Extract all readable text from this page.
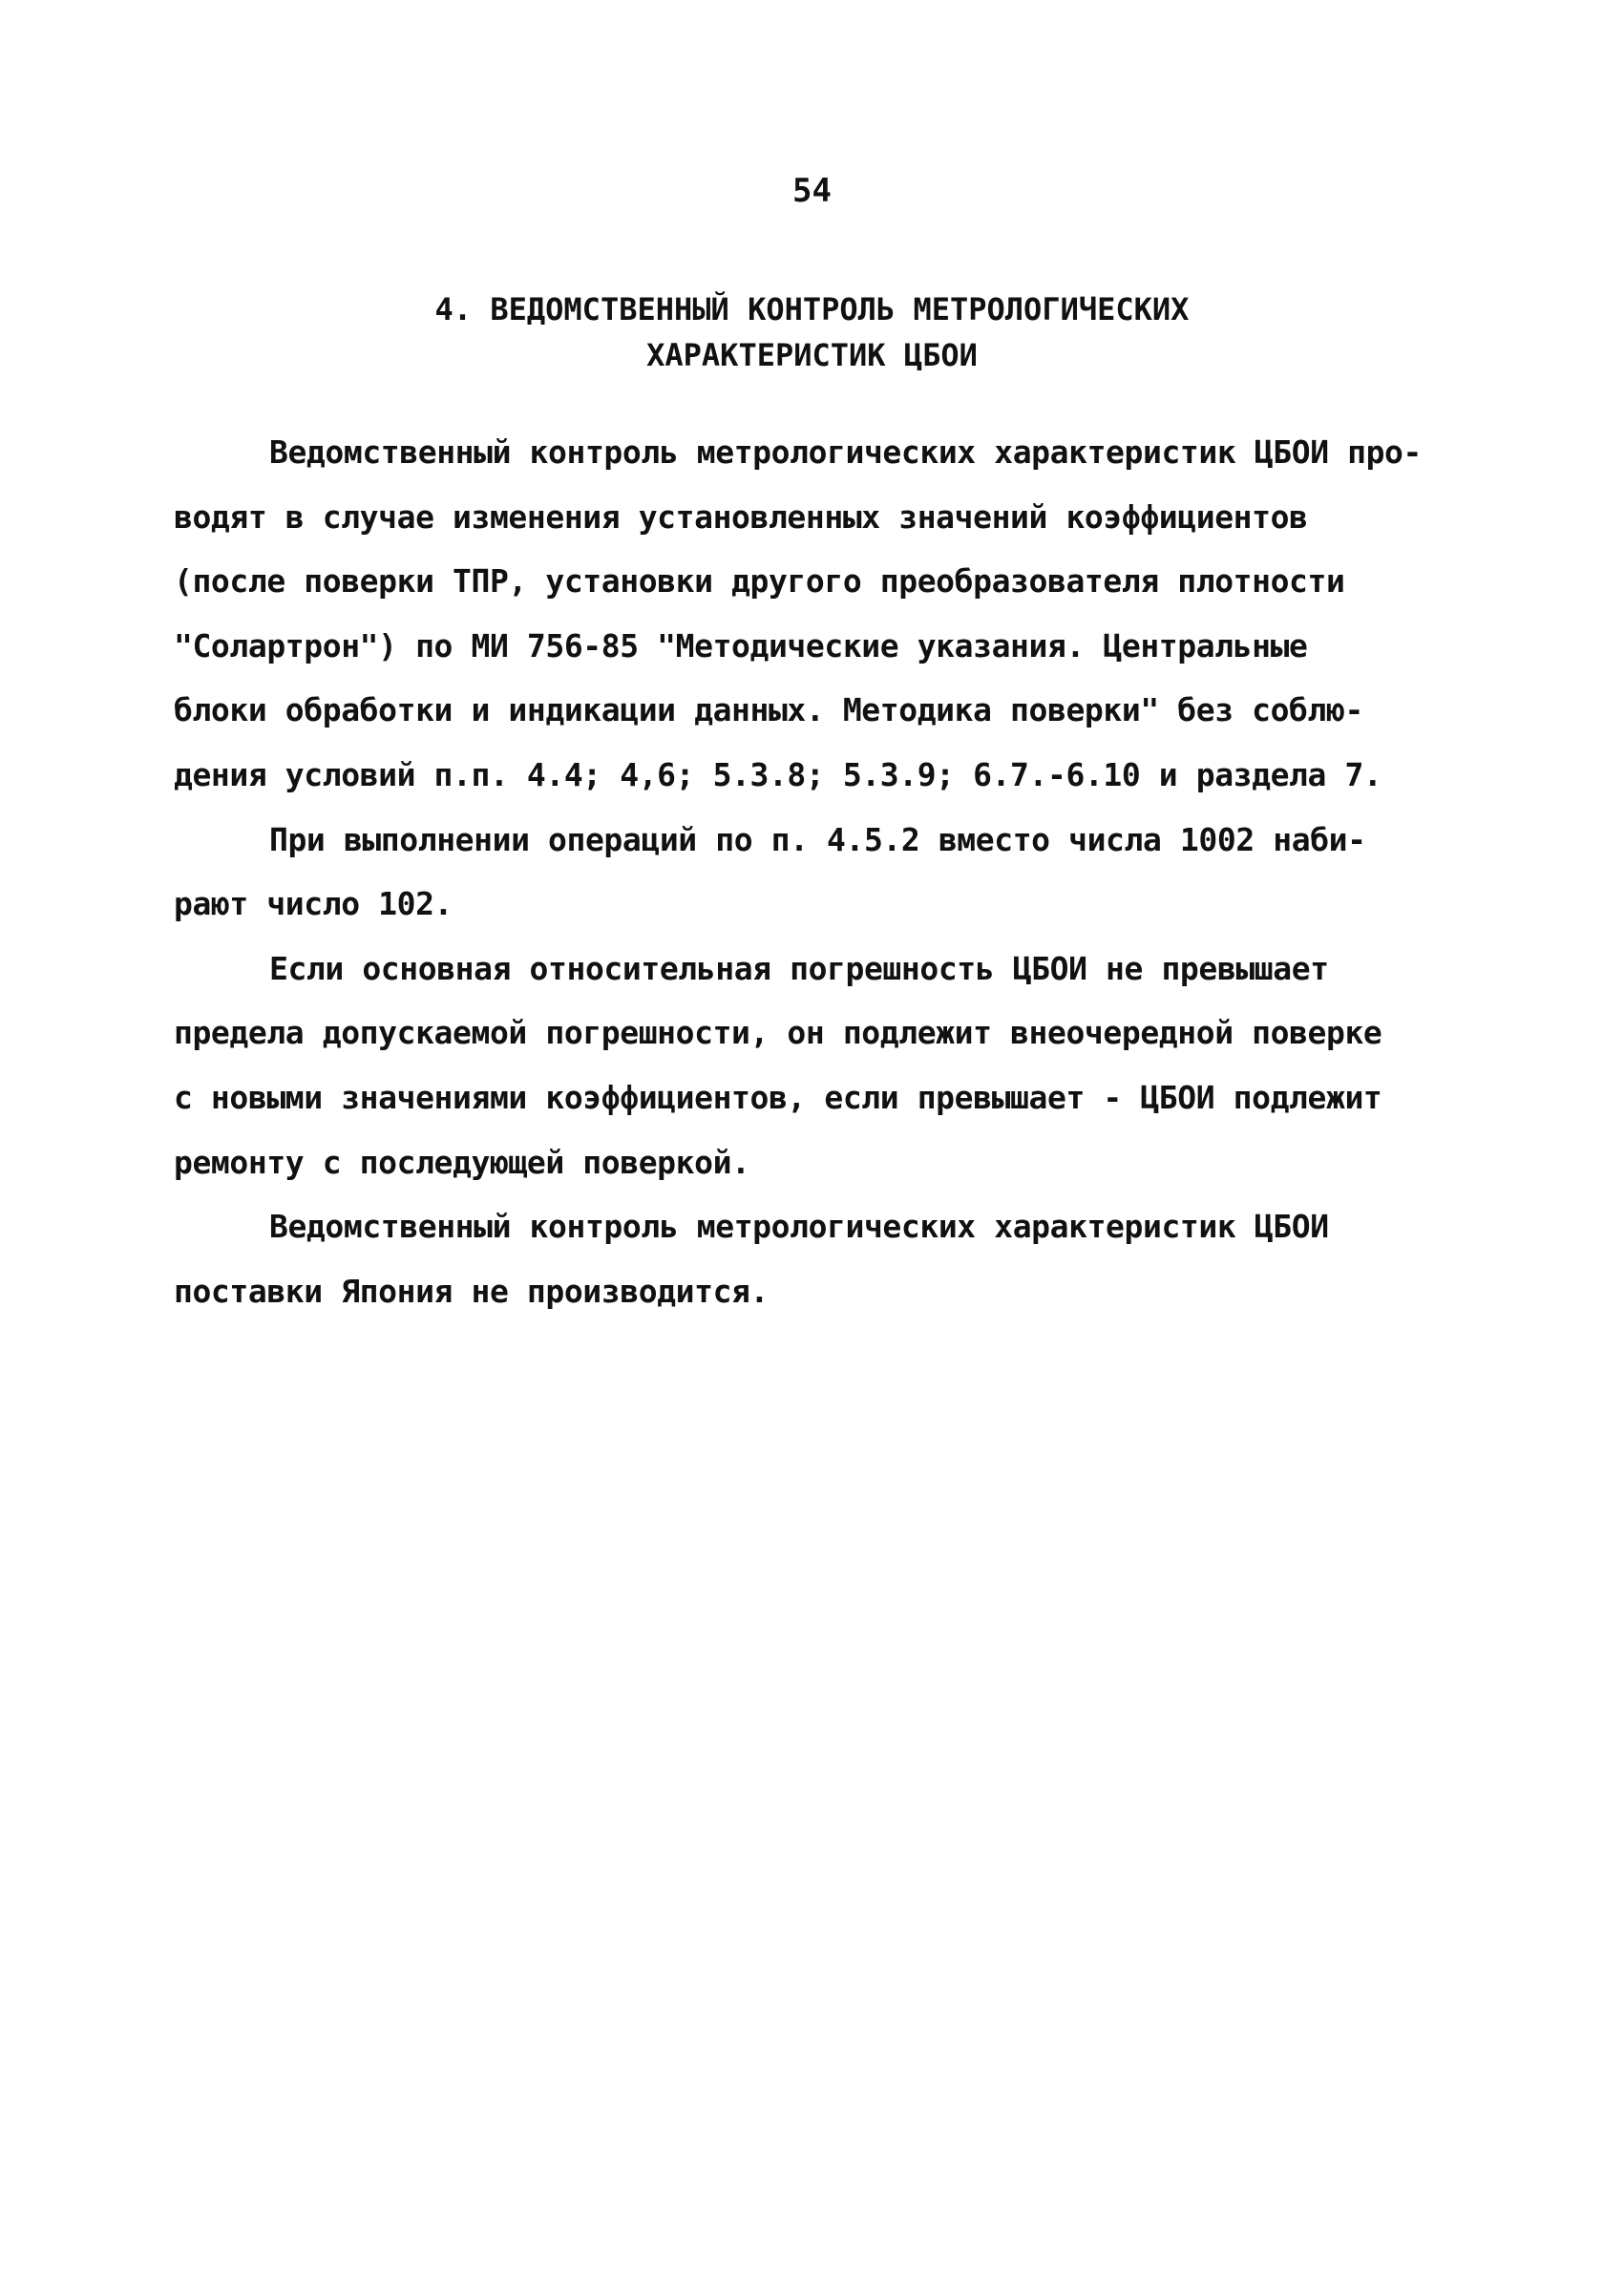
54
4. ВЕДОМСТВЕННЫЙ КОНТРОЛЬ МЕТРОЛОГИЧЕСКИХ
ХАРАКТЕРИСТИК ЦБОИ
Ведомственный контроль метрологических характеристик ЦБОИ про-
водят в случае изменения установленных значений коэффициентов
(после поверки ТПР, установки другого преобразователя плотности
"Солартрон") по МИ 756-85 "Методические указания. Центральные
блоки обработки и индикации данных. Методика поверки" без соблю-
дения условий п.п. 4.4; 4,6; 5.3.8; 5.3.9; 6.7.-6.10 и раздела 7.
При выполнении операций по п. 4.5.2 вместо числа 1002 наби-
рают число 102.
Если основная относительная погрешность ЦБОИ не превышает
предела допускаемой погрешности, он подлежит внеочередной поверке
с новыми значениями коэффициентов, если превышает - ЦБОИ подлежит
ремонту с последующей поверкой.
Ведомственный контроль метрологических характеристик ЦБОИ
поставки Япония не производится.
